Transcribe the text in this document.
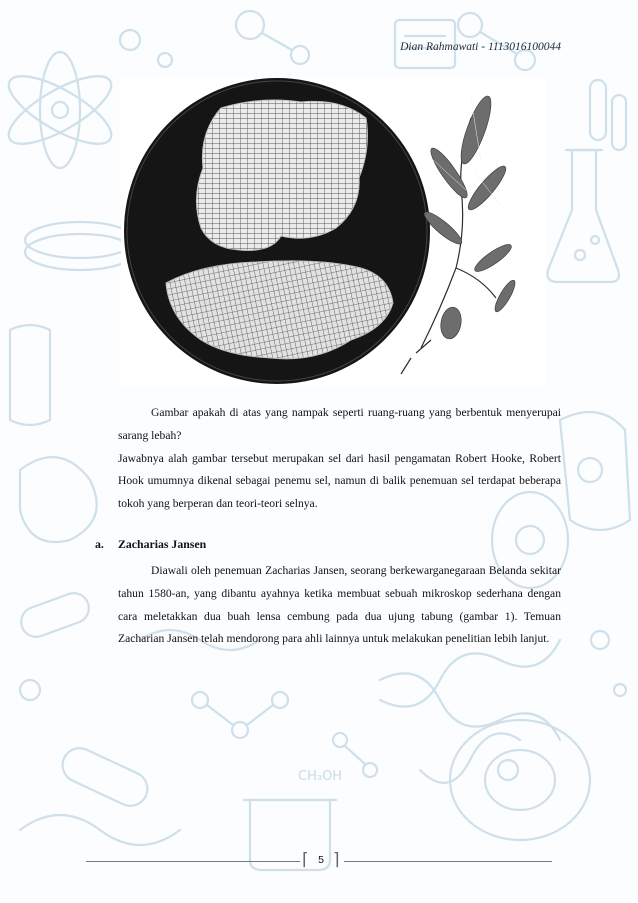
CH₃OH
Dian Rahmawati - 1113016100044

Gambar apakah di atas yang nampak seperti ruang-ruang yang berbentuk menyerupai sarang lebah?

Jawabnya alah gambar tersebut merupakan sel dari hasil pengamatan Robert Hooke, Robert Hook umumnya dikenal sebagai penemu sel, namun di balik penemuan sel terdapat beberapa tokoh yang berperan dan teori-teori selnya.

a. Zacharias Jansen

Diawali oleh penemuan Zacharias Jansen, seorang berkewarganegaraan Belanda sekitar tahun 1580-an, yang dibantu ayahnya ketika membuat sebuah mikroskop sederhana dengan cara meletakkan dua buah lensa cembung pada dua ujung tabung (gambar 1). Temuan Zacharian Jansen telah mendorong para ahli lainnya untuk melakukan penelitian lebih lanjut.

⌈ ⌉
5
